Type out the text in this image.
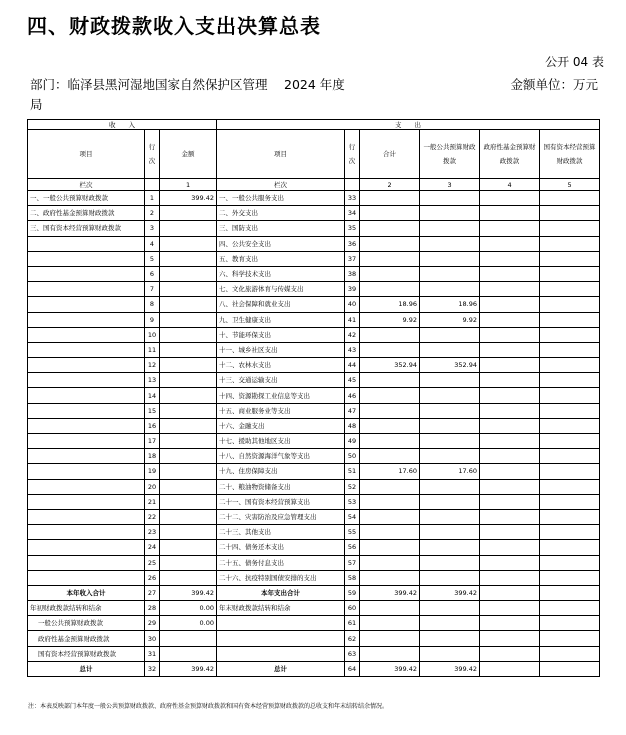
四、财政拨款收入支出决算总表
公开 04 表
部门：临泽县黑河湿地国家自然保护区管理局
2024 年度	金额单位：万元
收　　入			支　　出					
项目	行次	金额	项目	行次	合计	一般公共预算财政拨款	政府性基金预算财政拨款	国有资本经营预算财政拨款
栏次		1	栏次		2	3	4	5
一、一般公共预算财政拨款	1	399.42	一、一般公共服务支出	33				
二、政府性基金预算财政拨款	2		二、外交支出	34				
三、国有资本经营预算财政拨款	3		三、国防支出	35				
	4		四、公共安全支出	36				
	5		五、教育支出	37				
	6		六、科学技术支出	38				
	7		七、文化旅游体育与传媒支出	39				
	8		八、社会保障和就业支出	40	18.96	18.96		
	9		九、卫生健康支出	41	9.92	9.92		
	10		十、节能环保支出	42				
	11		十一、城乡社区支出	43				
	12		十二、农林水支出	44	352.94	352.94		
	13		十三、交通运输支出	45				
	14		十四、资源勘探工业信息等支出	46				
	15		十五、商业服务业等支出	47				
	16		十六、金融支出	48				
	17		十七、援助其他地区支出	49				
	18		十八、自然资源海洋气象等支出	50				
	19		十九、住房保障支出	51	17.60	17.60		
	20		二十、粮油物资储备支出	52				
	21		二十一、国有资本经营预算支出	53				
	22		二十二、灾害防治及应急管理支出	54				
	23		二十三、其他支出	55				
	24		二十四、债务还本支出	56				
	25		二十五、债务付息支出	57				
	26		二十六、抗疫特别国债安排的支出	58				
本年收入合计	27	399.42	本年支出合计	59	399.42	399.42		
年初财政拨款结转和结余	28	0.00	年末财政拨款结转和结余	60				
一般公共预算财政拨款	29	0.00		61				
政府性基金预算财政拨款	30			62				
国有资本经营预算财政拨款	31			63				
总计	32	399.42	总计	64	399.42	399.42		
注：本表反映部门本年度一般公共预算财政拨款、政府性基金预算财政拨款和国有资本经营预算财政拨款的总收支和年末结转结余情况。
